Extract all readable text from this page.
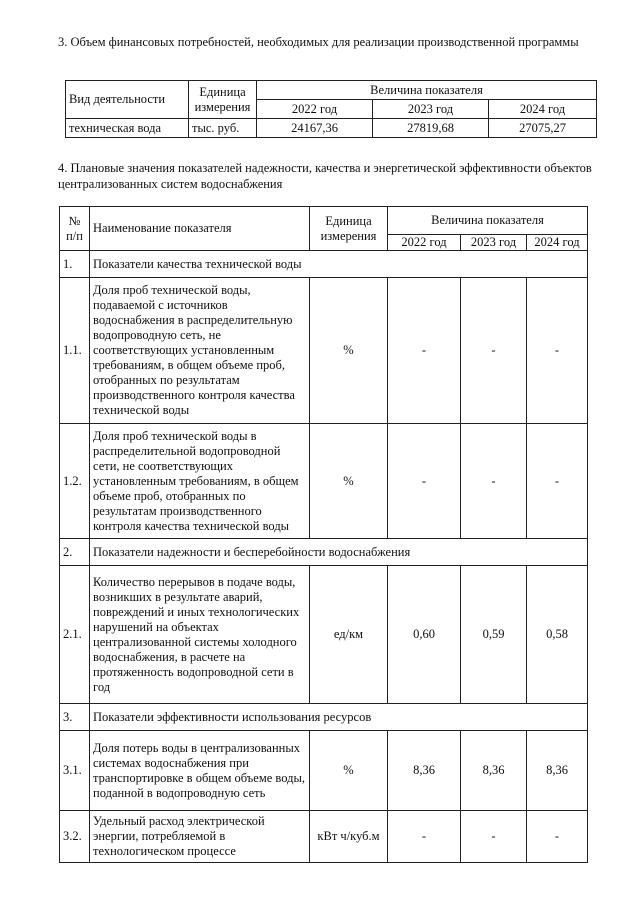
3. Объем финансовых потребностей, необходимых для реализации производственной программы
Вид деятельности	Единица измерения	Величина показателя		
		2022 год	2023 год	2024 год
техническая вода	тыс. руб.	24167,36	27819,68	27075,27
4. Плановые значения показателей надежности, качества и энергетической эффективности объектов централизованных систем водоснабжения
№ п/п	Наименование показателя	Единица измерения	Величина показателя		
			2022 год	2023 год	2024 год
1.	Показатели качества технической воды				
1.1.	Доля проб технической воды, подаваемой с источников водоснабжения в распределительную водопроводную сеть, не соответствующих установленным требованиям, в общем объеме проб, отобранных по результатам производственного контроля качества технической воды	%	-	-	-
1.2.	Доля проб технической воды в распределительной водопроводной сети, не соответствующих установленным требованиям, в общем объеме проб, отобранных по результатам производственного контроля качества технической воды	%	-	-	-
2.	Показатели надежности и бесперебойности водоснабжения				
2.1.	Количество перерывов в подаче воды, возникших в результате аварий, повреждений и иных технологических нарушений на объектах централизованной системы холодного водоснабжения, в расчете на протяженность водопроводной сети в год	ед/км	0,60	0,59	0,58
3.	Показатели эффективности использования ресурсов				
3.1.	Доля потерь воды в централизованных системах водоснабжения при транспортировке в общем объеме воды, поданной в водопроводную сеть	%	8,36	8,36	8,36
3.2.	Удельный расход электрической энергии, потребляемой в технологическом процессе	кВт ч/куб.м	-	-	-
